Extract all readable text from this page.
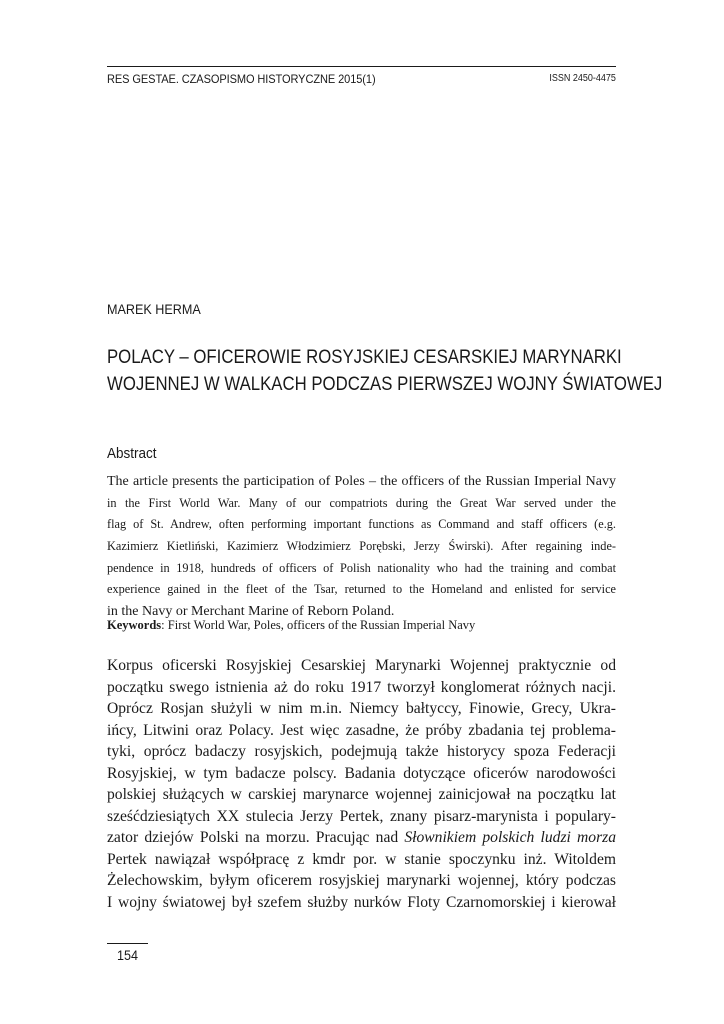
RES GESTAE. CZASOPISMO HISTORYCZNE 2015(1)	ISSN 2450-4475
MAREK HERMA
POLACY – OFICEROWIE ROSYJSKIEJ CESARSKIEJ MARYNARKI
WOJENNEJ W WALKACH PODCZAS PIERWSZEJ WOJNY ŚWIATOWEJ
Abstract
The article presents the participation of Poles – the officers of the Russian Imperial Navy
in the First World War. Many of our compatriots during the Great War served under the
flag of St. Andrew, often performing important functions as Command and staff officers (e.g.
Kazimierz Kietliński, Kazimierz Włodzimierz Porębski, Jerzy Świrski). After regaining inde-
pendence in 1918, hundreds of officers of Polish nationality who had the training and combat
experience gained in the fleet of the Tsar, returned to the Homeland and enlisted for service
in the Navy or Merchant Marine of Reborn Poland.
Keywords: First World War, Poles, officers of the Russian Imperial Navy
Korpus oficerski Rosyjskiej Cesarskiej Marynarki Wojennej praktycznie od
początku swego istnienia aż do roku 1917 tworzył konglomerat różnych nacji.
Oprócz Rosjan służyli w nim m.in. Niemcy bałtyccy, Finowie, Grecy, Ukra-
ińcy, Litwini oraz Polacy. Jest więc zasadne, że próby zbadania tej problema-
tyki, oprócz badaczy rosyjskich, podejmują także historycy spoza Federacji
Rosyjskiej, w tym badacze polscy. Badania dotyczące oficerów narodowości
polskiej służących w carskiej marynarce wojennej zainicjował na początku lat
sześćdziesiątych XX stulecia Jerzy Pertek, znany pisarz-marynista i populary-
zator dziejów Polski na morzu. Pracując nad Słownikiem polskich ludzi morza
Pertek nawiązał współpracę z kmdr por. w stanie spoczynku inż. Witoldem
Żelechowskim, byłym oficerem rosyjskiej marynarki wojennej, który podczas
I wojny światowej był szefem służby nurków Floty Czarnomorskiej i kierował
154
